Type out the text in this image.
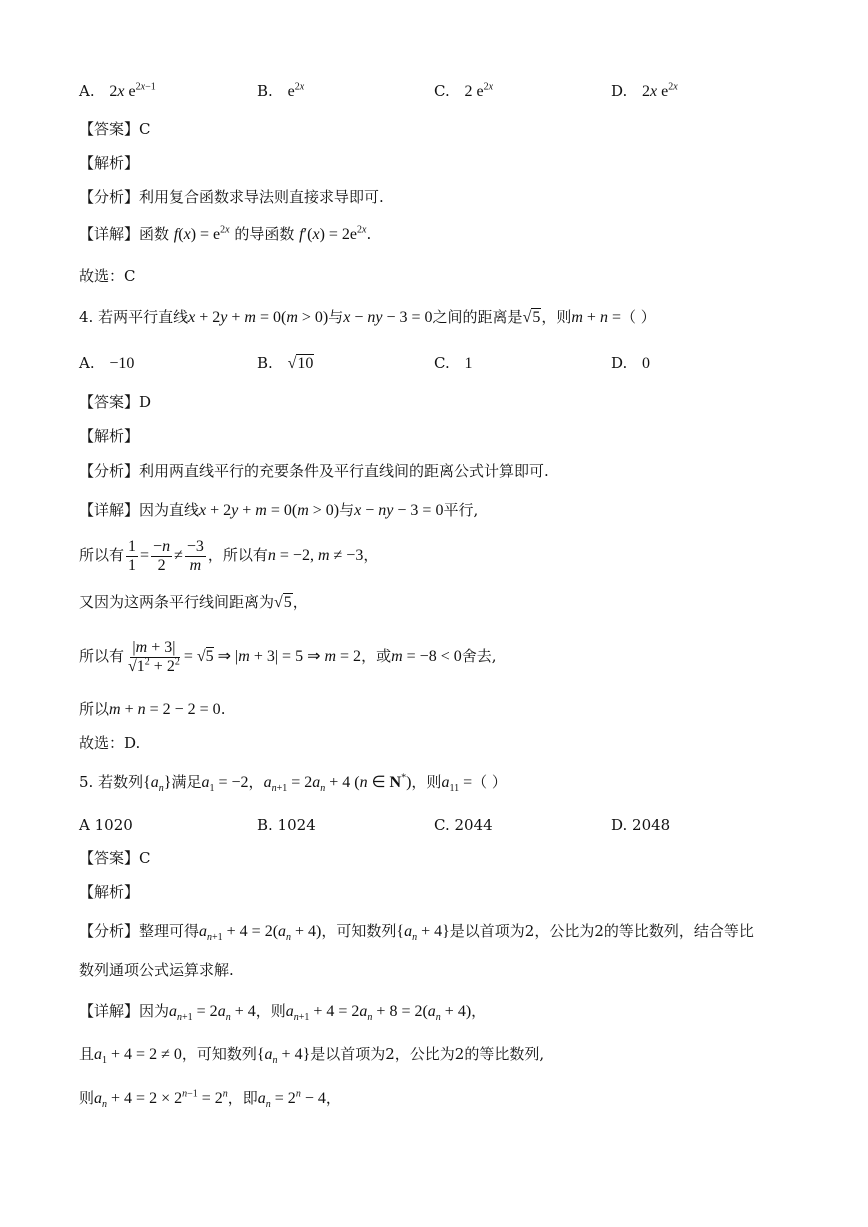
A. 2x $e^{2x-1}$	B. $e^{2x}$	C. 2 $e^{2x}$	D. 2x $e^{2x}$
【答案】C
【解析】
【分析】利用复合函数求导法则直接求导即可.
【详解】函数 $f(x) = e^{2x}$ 的导函数 $f'(x) = 2e^{2x}$.
故选：C
4. 若两平行直线x + 2y + m = 0(m > 0)与x − ny − 3 = 0之间的距离是√5，则m + n =（ ）
A. −10	B. √10	C. 1	D. 0
【答案】D
【解析】
【分析】利用两直线平行的充要条件及平行直线间的距离公式计算即可.
【详解】因为直线x + 2y + m = 0(m > 0)与x − ny − 3 = 0平行,
所以有 $\frac{1}{1} = \frac{-n}{2} \ne \frac{-3}{m}$ ，所以有n = −2, m ≠ −3，
又因为这两条平行线间距离为√5，
所以有 $\frac{|m + 3|}{√1^2 + 2^2} = √5$ ⇒ |m + 3| = 5 ⇒ m = 2，或m = −8 < 0舍去,
所以m + n = 2 − 2 = 0.
故选：D.
5. 若数列$\{a_n\}$满足$a_1 = -2$，$a_{n+1} = 2a_n + 4$ (n ∈ N*)，则$a_{11}$ =（ ）
A 1020	B. 1024	C. 2044	D. 2048
【答案】C
【解析】
【分析】整理可得$a_{n+1} + 4 = 2(a_n + 4)$，可知数列$\{a_n + 4\}$是以首项为2，公比为2的等比数列，结合等比
数列通项公式运算求解.
【详解】因为$a_{n+1} = 2a_n + 4$，则$a_{n+1} + 4 = 2a_n + 8 = 2(a_n + 4)$，
且$a_1 + 4 = 2 \ne 0$，可知数列$\{a_n + 4\}$是以首项为2，公比为2的等比数列,
则$a_n + 4 = 2 \times 2^{n-1} = 2^n$，即$a_n = 2^n - 4$，
